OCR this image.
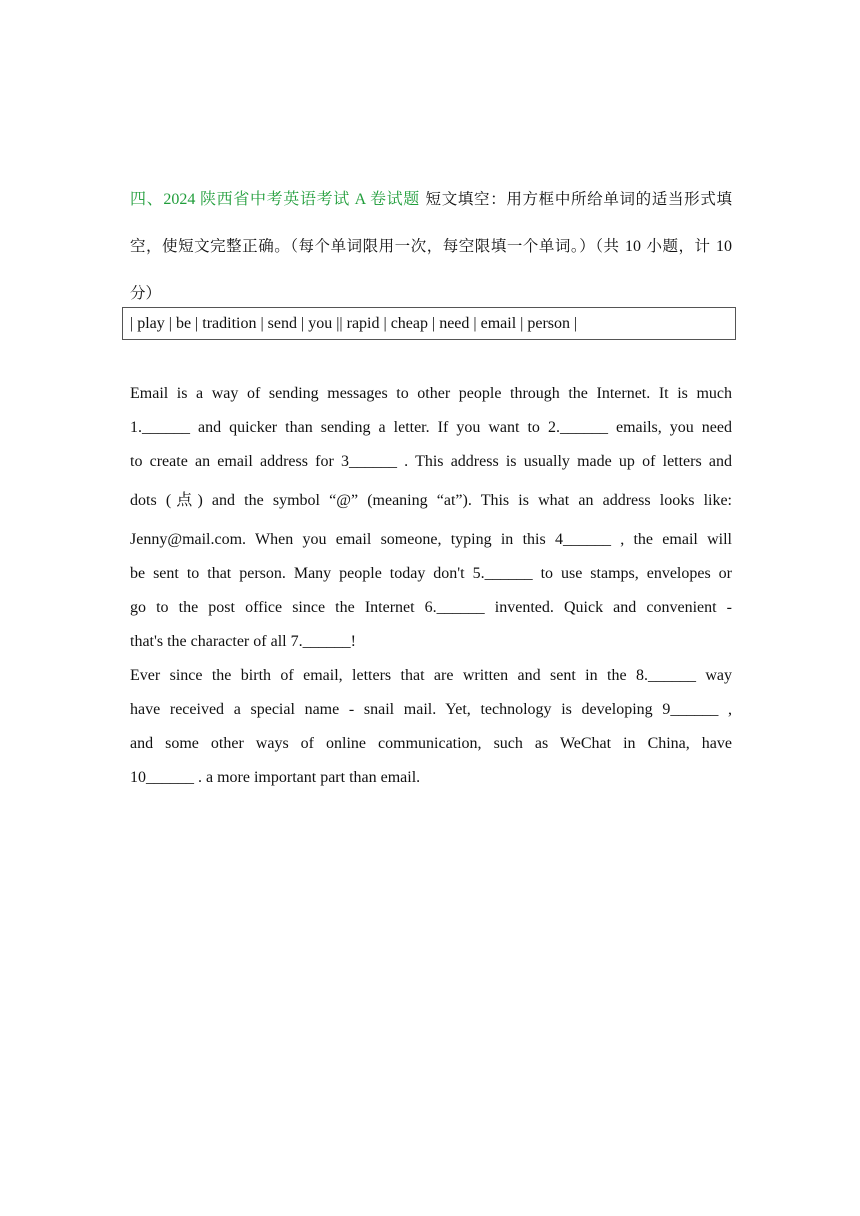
四、2024 陕西省中考英语考试 A 卷试题 短文填空：用方框中所给单词的适当形式填空，使短文完整正确。（每个单词限用一次，每空限填一个单词。）（共 10 小题，计 10 分）
| play | be | tradition | send | you || rapid | cheap | need | email | person |

Email is a way of sending messages to other people through the Internet. It is much
1.______ and quicker than sending a letter. If you want to 2.______ emails, you need
to create an email address for 3______ . This address is usually made up of letters and
dots (点) and the symbol “@” (meaning “at”). This is what an address looks like:
Jenny@mail.com. When you email someone, typing in this 4______ , the email will
be sent to that person. Many people today don't 5.______ to use stamps, envelopes or
go to the post office since the Internet 6.______ invented. Quick and convenient -
that's the character of all 7.______!

Ever since the birth of email, letters that are written and sent in the 8.______ way
have received a special name - snail mail. Yet, technology is developing 9______ ,
and some other ways of online communication, such as WeChat in China, have
10______ . a more important part than email.
